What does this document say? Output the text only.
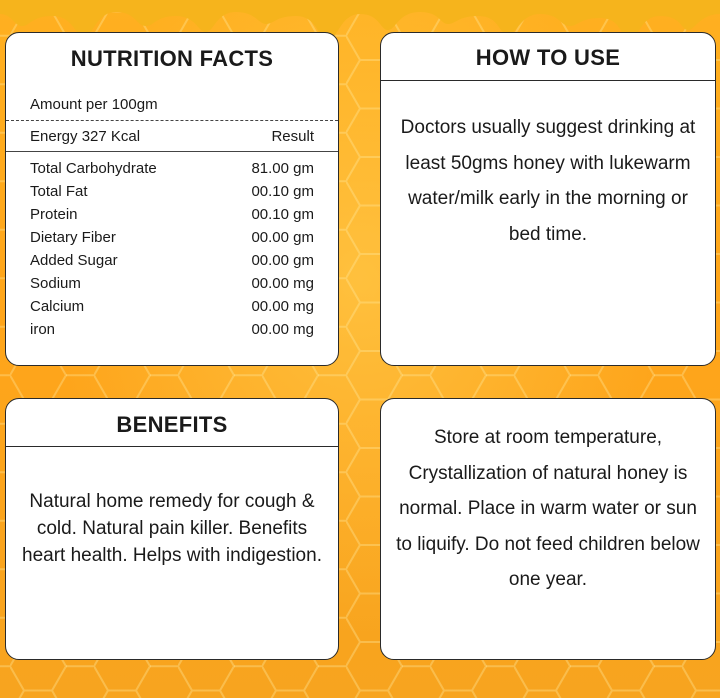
NUTRITION FACTS
Amount per 100gm
Energy 327 Kcal	Result
Total Carbohydrate	81.00 gm
Total Fat	00.10 gm
Protein	00.10 gm
Dietary Fiber	00.00 gm
Added Sugar	00.00 gm
Sodium	00.00 mg
Calcium	00.00 mg
iron	00.00 mg
HOW TO USE
Doctors usually suggest drinking at least 50gms honey with lukewarm water/milk early in the morning or bed time.
BENEFITS
Natural home remedy for cough & cold. Natural pain killer. Benefits heart health. Helps with indigestion.
Store at room temperature, Crystallization of natural honey is normal. Place in warm water or sun to liquify. Do not feed children below one year.
